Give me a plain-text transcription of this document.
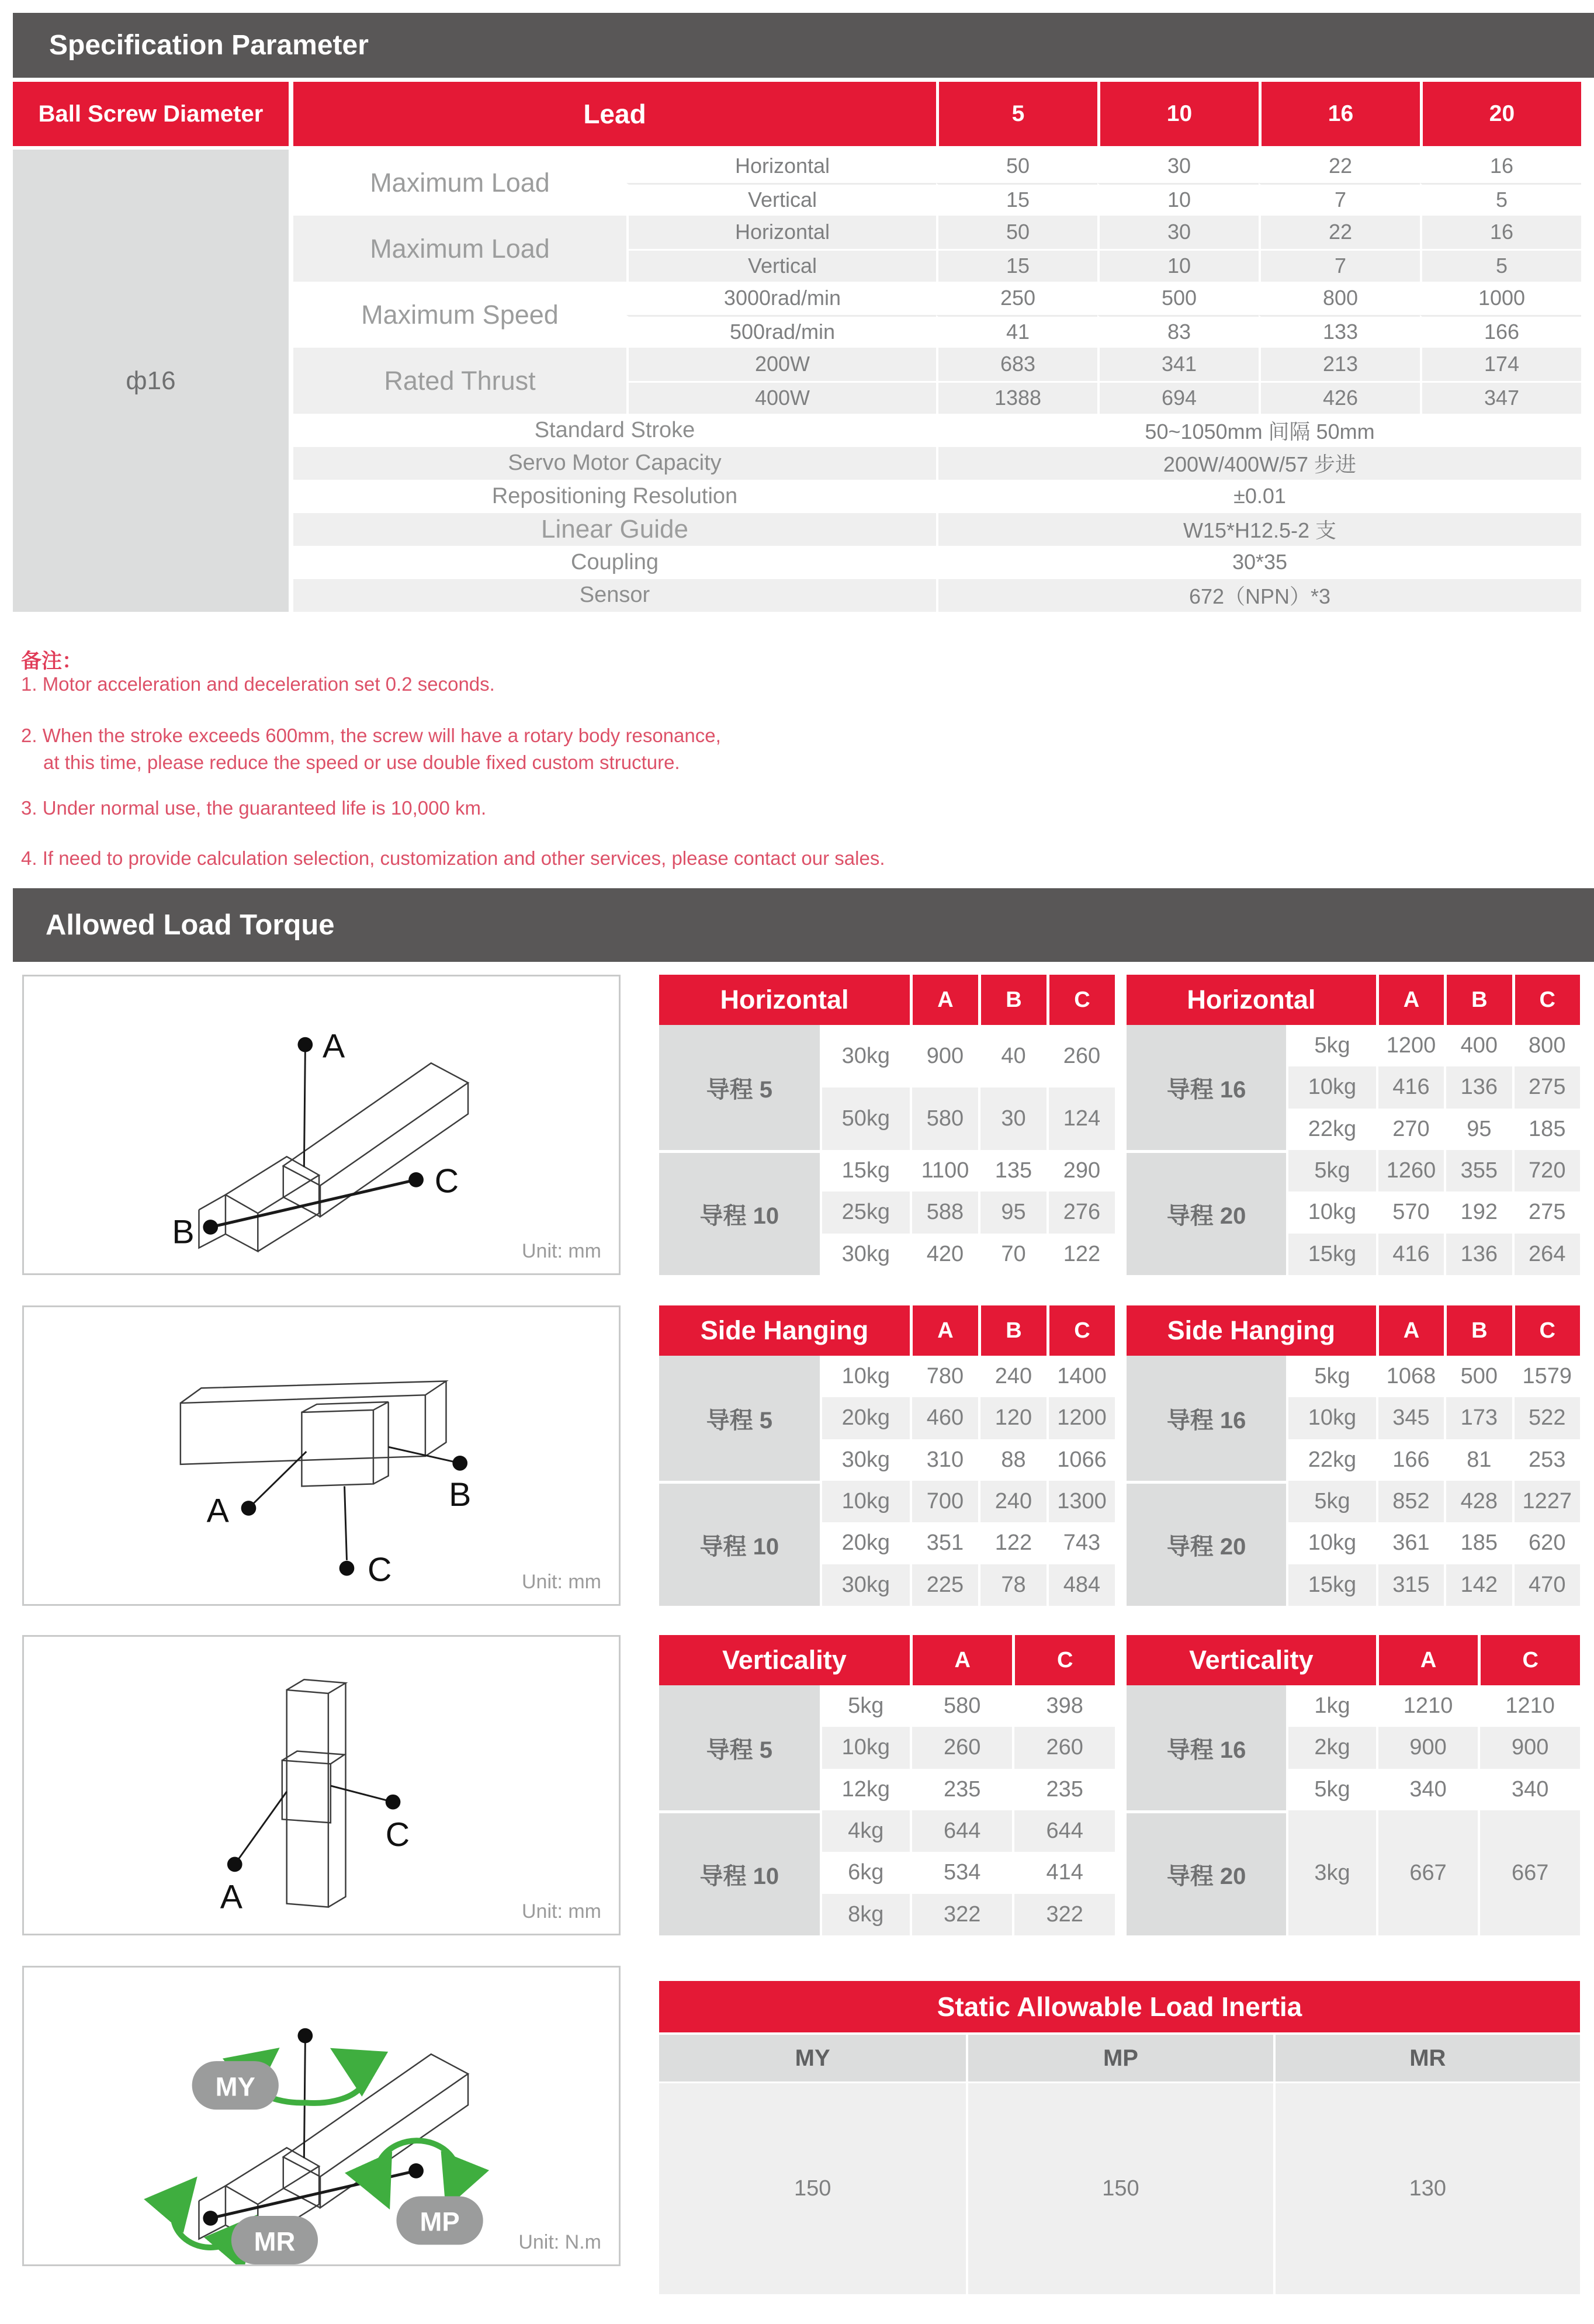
Specification Parameter
Ball Screw Diameter	Lead	5	10	16	20
ф16
Maximum Load
Horizontal	50	30	22	16
Vertical	15	10	7	5
Maximum Load
Horizontal	50	30	22	16
Vertical	15	10	7	5
Maximum Speed
3000rad/min	250	500	800	1000
500rad/min	41	83	133	166
Rated Thrust
200W	683	341	213	174
400W	1388	694	426	347
Standard Stroke	50~1050mm 间隔 50mm
Servo Motor Capacity	200W/400W/57 步进
Repositioning Resolution	±0.01
Linear Guide	W15*H12.5-2 支
Coupling	30*35
Sensor	672（NPN）*3
备注：
1. Motor acceleration and deceleration set 0.2 seconds.
2. When the stroke exceeds 600mm, the screw will have a rotary body resonance,
at this time, please reduce the speed or use double fixed custom structure.
3. Under normal use, the guaranteed life is 10,000 km.
4. If need to provide calculation selection, customization and other services, please contact our sales.
Allowed Load Torque
A
B
C
Unit: mm
A	B
C	Unit: mm
A
C
Unit: mm
MY
MP
MR	Unit: N.m
Horizontal	A	B	C
导程 5
30kg	900	40	260
50kg	580	30	124
导程 10
15kg	1100	135	290
25kg	588	95	276
30kg	420	70	122
Horizontal	A	B	C
导程 16
5kg	1200	400	800
10kg	416	136	275
22kg	270	95	185
导程 20
5kg	1260	355	720
10kg	570	192	275
15kg	416	136	264
Side Hanging	A	B	C
导程 5
10kg	780	240	1400
20kg	460	120	1200
30kg	310	88	1066
导程 10
10kg	700	240	1300
20kg	351	122	743
30kg	225	78	484
Side Hanging	A	B	C
导程 16
5kg	1068	500	1579
10kg	345	173	522
22kg	166	81	253
导程 20
5kg	852	428	1227
10kg	361	185	620
15kg	315	142	470
Verticality	A	C
导程 5
5kg	580	398
10kg	260	260
12kg	235	235
导程 10
4kg	644	644
6kg	534	414
8kg	322	322
Verticality	A	C
导程 16
1kg	1210	1210
2kg	900	900
5kg	340	340
导程 20	3kg	667	667
Static Allowable Load Inertia
MY	MP	MR
150	150	130
